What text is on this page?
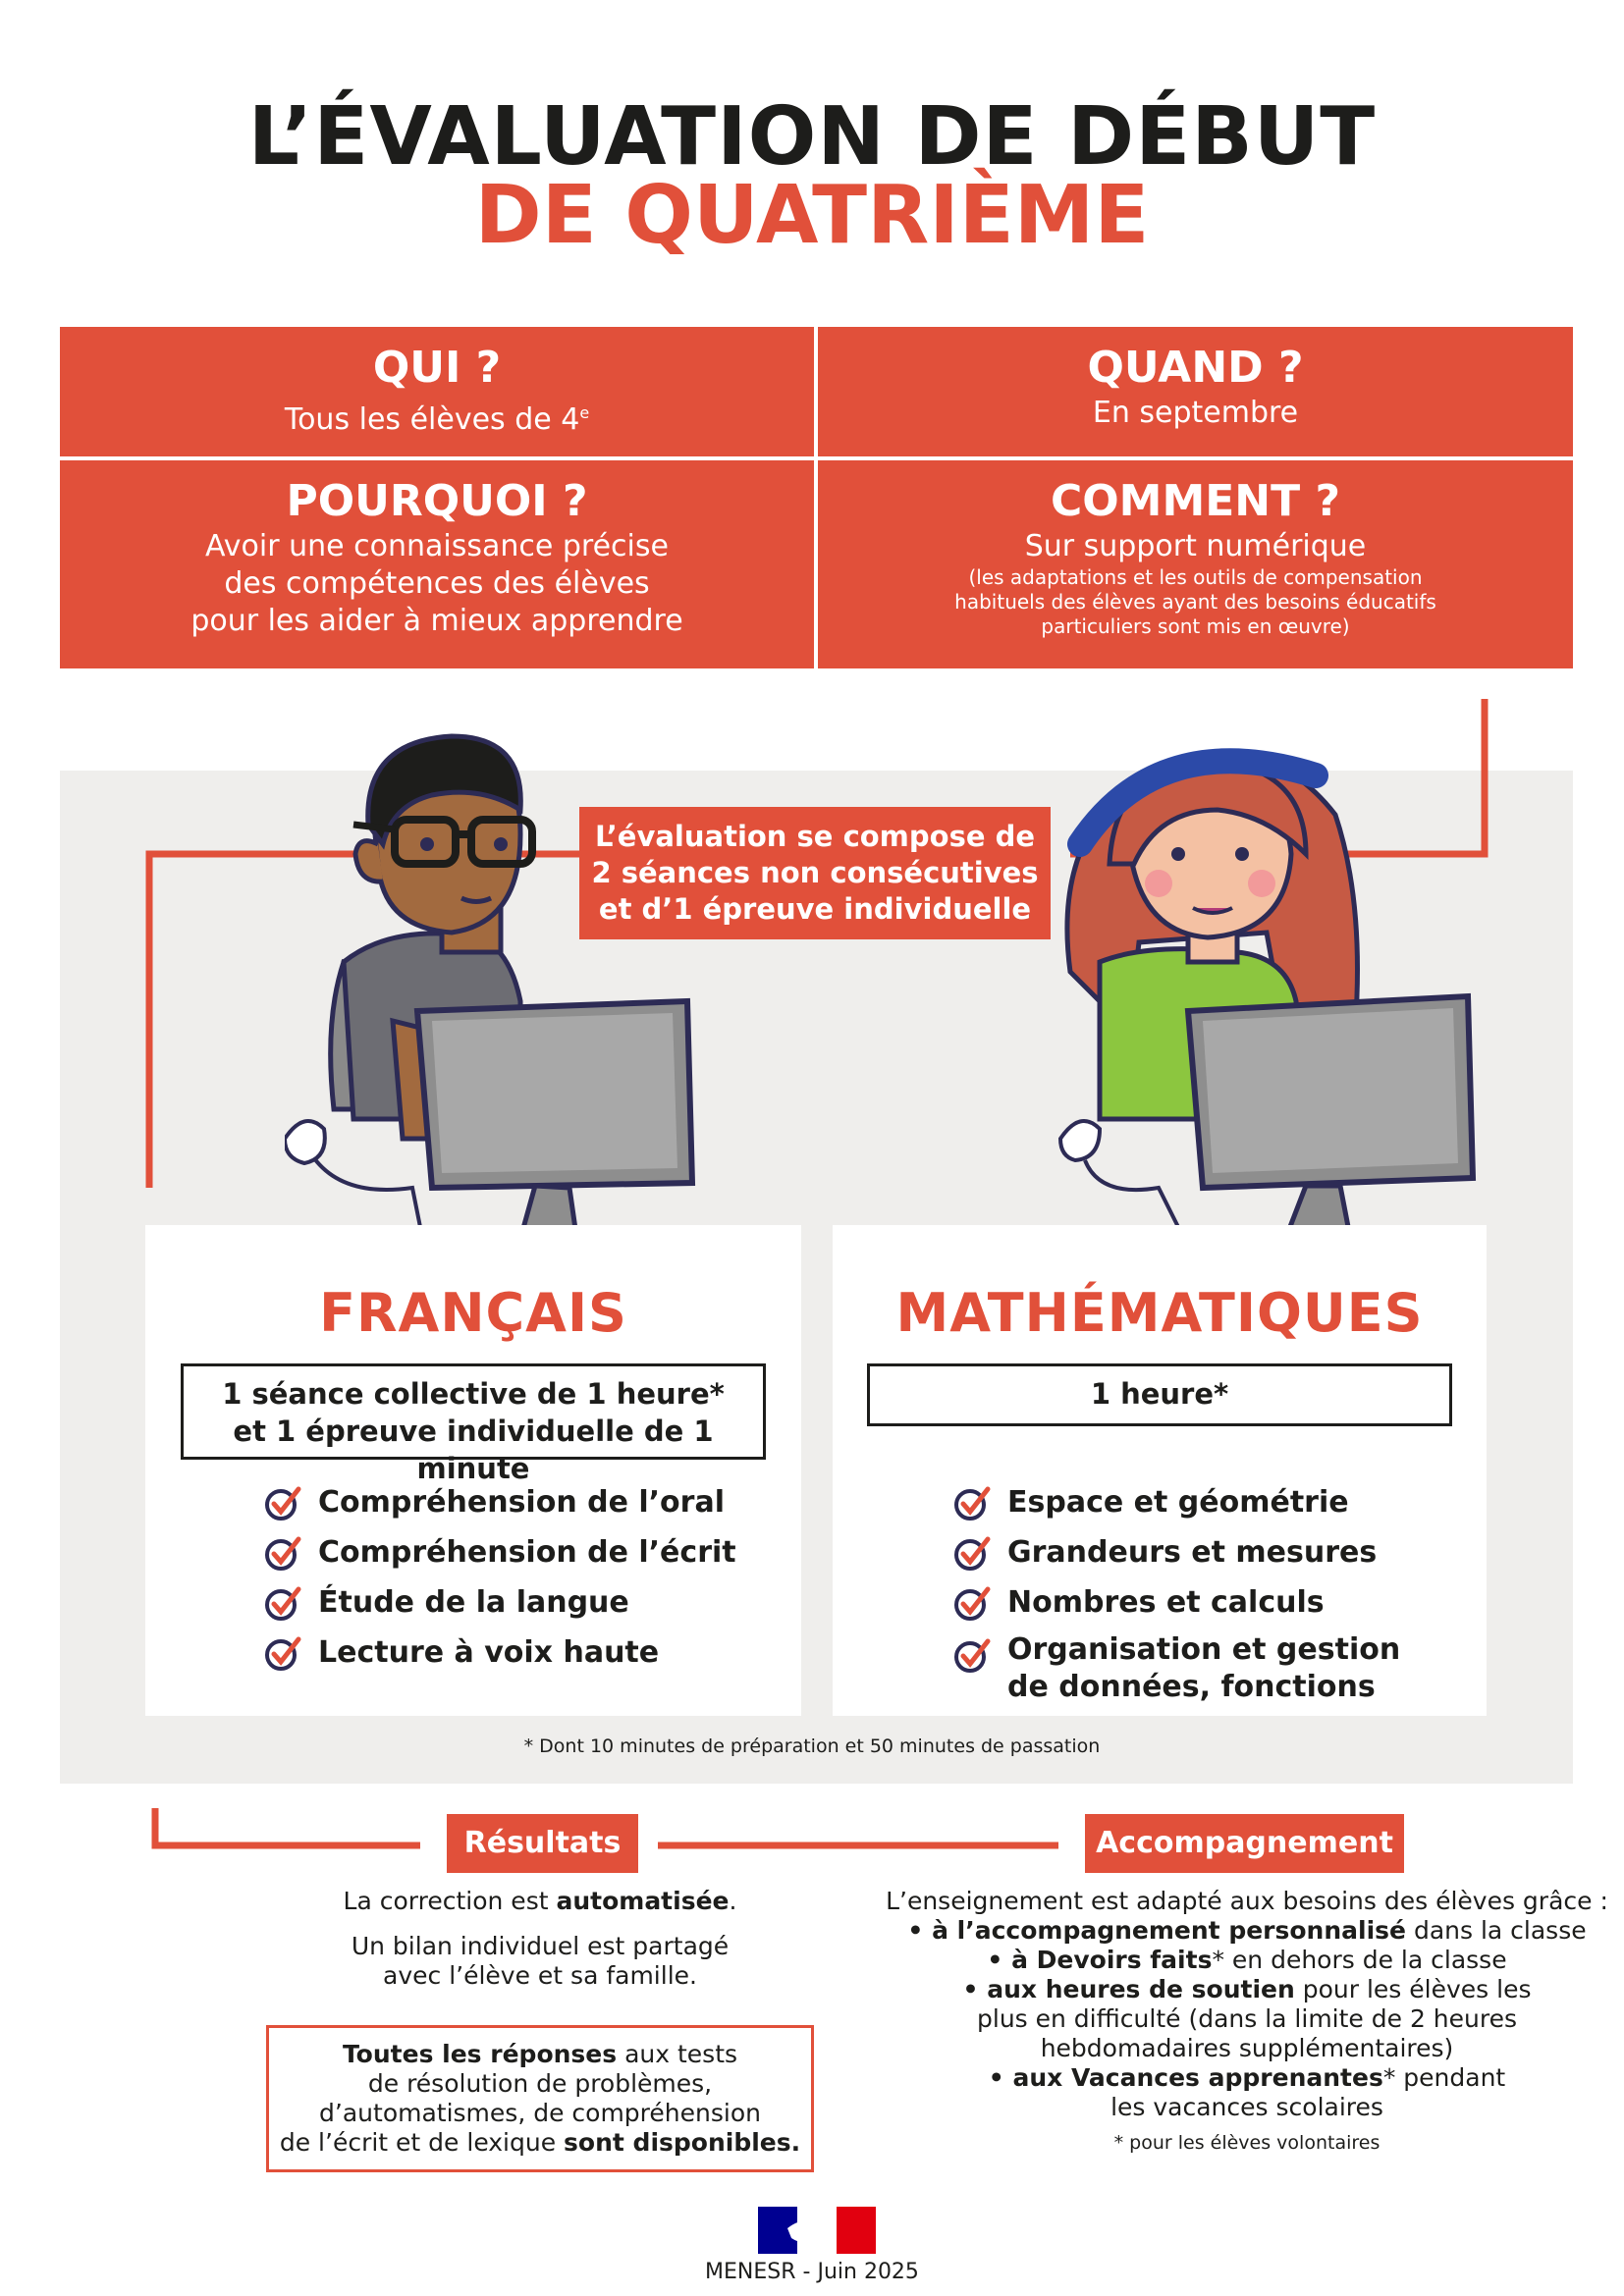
L’ÉVALUATION DE DÉBUT
DE QUATRIÈME
QUI ?
Tous les élèves de 4e
QUAND ?
En septembre
POURQUOI ?
Avoir une connaissance précise
des compétences des élèves
pour les aider à mieux apprendre
COMMENT ?
Sur support numérique
(les adaptations et les outils de compensation
habituels des élèves ayant des besoins éducatifs
particuliers sont mis en œuvre)
L’évaluation se compose de
2 séances non consécutives
et d’1 épreuve individuelle
FRANÇAIS
1 séance collective de 1 heure*
et 1 épreuve individuelle de 1 minute
Compréhension de l’oral
Compréhension de l’écrit
Étude de la langue
Lecture à voix haute
MATHÉMATIQUES
1 heure*
Espace et géométrie
Grandeurs et mesures
Nombres et calculs
Organisation et gestion
de données, fonctions
* Dont 10 minutes de préparation et 50 minutes de passation
Résultats
La correction est automatisée.
Un bilan individuel est partagé
avec l’élève et sa famille.
Toutes les réponses aux tests
de résolution de problèmes,
d’automatismes, de compréhension
de l’écrit et de lexique sont disponibles.
Accompagnement
L’enseignement est adapté aux besoins des élèves grâce :
• à l’accompagnement personnalisé dans la classe
• à Devoirs faits* en dehors de la classe
• aux heures de soutien pour les élèves les
plus en difficulté (dans la limite de 2 heures
hebdomadaires supplémentaires)
• aux Vacances apprenantes* pendant
les vacances scolaires
* pour les élèves volontaires
MENESR - Juin 2025
